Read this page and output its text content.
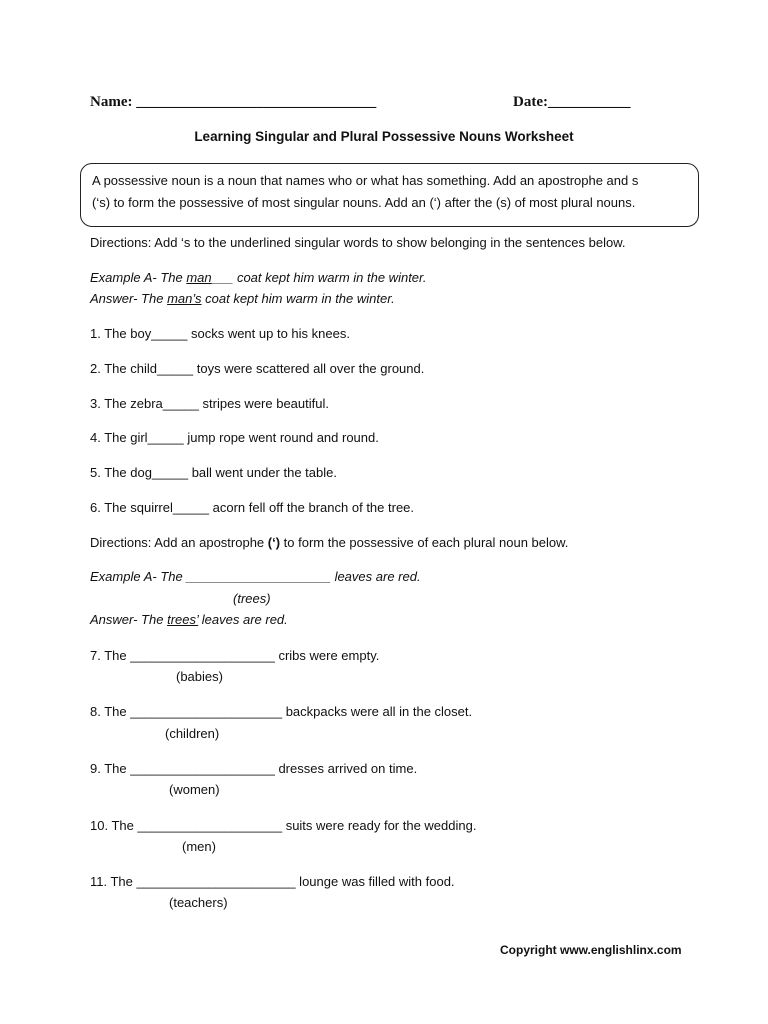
Name: ________________________________	Date:___________
Learning Singular and Plural Possessive Nouns Worksheet
A possessive noun is a noun that names who or what has something. Add an apostrophe and s
(‘s) to form the possessive of most singular nouns. Add an (‘) after the (s) of most plural nouns.
Directions: Add ‘s to the underlined singular words to show belonging in the sentences below.
Example A- The man___ coat kept him warm in the winter.
Answer- The man’s coat kept him warm in the winter.
1. The boy_____ socks went up to his knees.
2. The child_____ toys were scattered all over the ground.
3. The zebra_____ stripes were beautiful.
4. The girl_____ jump rope went round and round.
5. The dog_____ ball went under the table.
6. The squirrel_____ acorn fell off the branch of the tree.
Directions: Add an apostrophe (‘) to form the possessive of each plural noun below.
Example A- The ____________________ leaves are red.
(trees)
Answer- The trees’ leaves are red.
7. The ____________________ cribs were empty.
(babies)
8. The _____________________ backpacks were all in the closet.
(children)
9. The ____________________ dresses arrived on time.
(women)
10. The ____________________ suits were ready for the wedding.
(men)
11. The ______________________ lounge was filled with food.
(teachers)
Copyright www.englishlinx.com
